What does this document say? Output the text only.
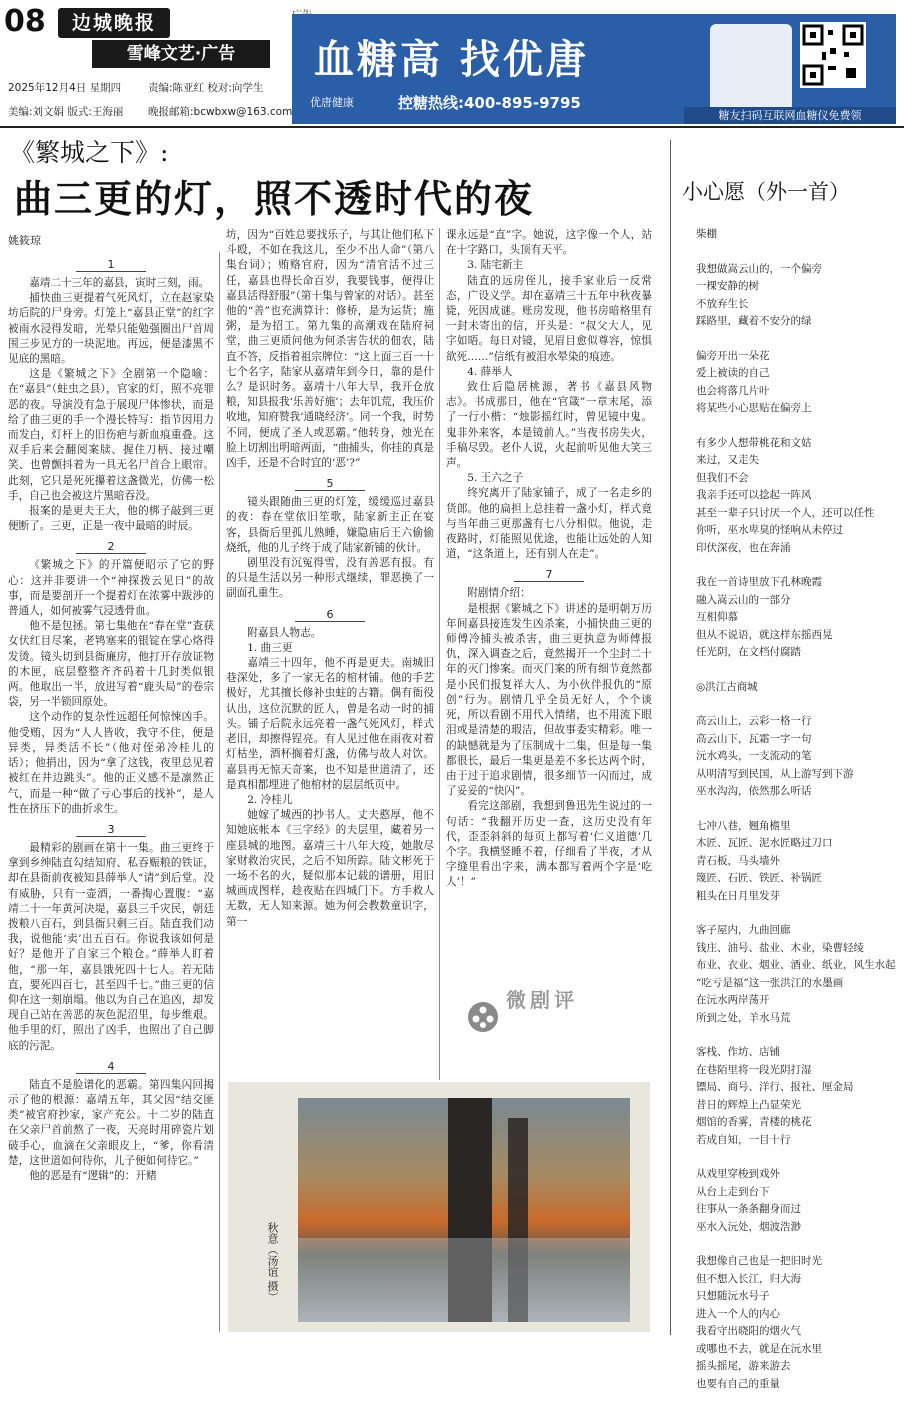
08	边城晚报
雪峰文艺·广告
2025年12月4日 星期四	责编:陈亚红 校对:向学生
美编:刘文娟 版式:王海丽 晚报邮箱:bcwbxw@163.com
血糖高 找优唐
优唐健康	控糖热线:400-895-9795
糖友扫码互联网血糖仪免费领
《繁城之下》:
曲三更的灯，照不透时代的夜
姚筱琼
1

嘉靖二十三年的嘉县，寅时三刻，雨。

捕快曲三更提着气死风灯，立在赵家染坊后院的尸身旁。灯笼上“嘉县正堂”的红字被雨水浸得发暗，光晕只能勉强圈出尸首周围三步见方的一块泥地。再远，便是漆黑不见底的黑暗。

这是《繁城之下》全剧第一个隐喻：在“嘉县”（蛀虫之县），官家的灯，照不亮罪恶的夜。导演没有急于展现尸体惨状，而是给了曲三更的手一个漫长特写：指节因用力而发白，灯杆上的旧伤疤与新血痕重叠。这双手后来会翻阅案牍、握住刀柄、接过嘲笑、也曾颤抖着为一具无名尸首合上眼帘。此刻，它只是死死攥着这盏微光，仿佛一松手，自己也会被这片黑暗吞没。

报案的是更夫王大，他的梆子敲到三更便断了。三更，正是一夜中最暗的时辰。

2

《繁城之下》的开篇便昭示了它的野心：这并非要讲一个“神探拨云见日”的故事，而是要剖开一个提着灯在浓雾中跋涉的普通人，如何被雾气浸透骨血。

他不是包拯。第七集他在“春在堂”查获女伏红目尽案，老鸨塞来的银锭在掌心烙得发烫。镜头切到县衙廉房，他打开存放证物的木匣，底层整整齐齐码着十几封类似银两。他取出一半，放进写着“鹿头局”的卷宗袋，另一半锁回原处。

这个动作的复杂性远超任何惊悚凶手。他受贿，因为“人人皆收，我守不住，便是异类，异类活不长”（他对侄弟冷桂儿的话）；他捐出，因为“拿了这钱，夜里总见着被红在井边跳头”。他的正义感不是凛然正气，而是一种“做了亏心事后的找补”，是人性在挤压下的曲折求生。

3

最精彩的剧画在第十一集。曲三更终于拿到乡绅陆直勾结知府、私吞赈粮的铁证，却在县衙前夜被知县薛举人“请”到后堂。没有威胁，只有一壶酒，一番掏心置腹：“嘉靖二十一年黄河决堤，嘉县三千灾民，朝廷拨粮八百石，到县衙只剩三百。陆直我们动我，说他能‘卖’出五百石。你说我该如何是好？是他开了自家三个粮仓。”薛举人盯着他，“那一年，嘉县饿死四十七人。若无陆直，要死四百七，甚至四千七。”曲三更的信仰在这一刻崩塌。他以为自己在追凶，却发现自己站在善恶的灰色泥沼里，每步维艰。他手里的灯，照出了凶手，也照出了自己脚底的污泥。

4

陆直不是脸谱化的恶霸。第四集闪回揭示了他的根源：嘉靖五年，其父因“结交匪类”被官府抄家，家产充公。十二岁的陆直在父亲尸首前熬了一夜，天亮时用碎瓷片划破手心，血滴在父亲眼皮上，“爹，你看清楚，这世道如何待你，儿子便如何待它。”

他的恶是有“逻辑”的：开赌

坊，因为“百姓总要找乐子，与其让他们私下斗殴，不如在我这儿，至少不出人命”（第八集台词）；贿赂官府，因为“清官活不过三任，嘉县也得长命百岁，我要钱事，便得让嘉县活得舒服”（第十集与曾家的对话）。甚至他的“善”也充满算计：修桥，是为运货；施粥，是为招工。第九集的高潮戏在陆府祠堂，曲三更质问他为何杀害告状的佃农，陆直不答，反指着祖宗牌位：“这上面三百一十七个名字，陆家从嘉靖年到今日，靠的是什么？是识时务。嘉靖十八年大旱，我开仓放粮，知县报我‘乐善好施’；去年饥荒，我压价收地，知府赞我‘通晓经济’。同一个我，时势不同，便成了圣人或恶霸。”他转身，烛光在脸上切割出明暗两面，“曲捕头，你挂的真是凶手，还是不合时宜的‘恶’?”

5

镜头跟随曲三更的灯笼，缓缓巡过嘉县的夜：春在堂依旧笙歌，陆家新主正在宴客，县衙后里孤儿熟睡，嫌隐庙后王六偷偷烧纸，他的儿子终于成了陆家新铺的伙计。

剧里没有沉冤得雪，没有善恶有报。有的只是生活以另一种形式继续，罪恶换了一副面孔重生。

6

附嘉县人物志。

1. 曲三更

嘉靖三十四年，他不再是更夫。南城旧巷深处，多了一家无名的棺材铺。他的手艺极好，尤其擅长修补虫蛀的古籍。偶有衙役认出，这位沉默的匠人，曾是名动一时的捕头。铺子后院永远亮着一盏气死风灯，样式老旧，却擦得锃亮。有人见过他在雨夜对着灯枯坐，酒杯搁着灯盏，仿佛与故人对饮。嘉县再无惊天奇案，也不知是世道清了，还是真相都埋进了他棺材的层层纸页中。

2. 冷桂儿

她嫁了城西的抄书人。丈夫憨厚，他不知她底帐本《三字经》的夫层里，藏着另一座县城的地图。嘉靖三十八年大疫，她散尽家财救治灾民，之后不知所踪。陆文彬死于一场不名的火，疑似那本记载的谱册，用旧城画成图样，趁夜贴在四城门下。方手救人无数，无人知来源。她为何会教数童识字，第一

课永远是“直”字。她说，这字像一个人，站在十字路口，头顶有天平。

3. 陆宅新主

陆直的远房侄儿，接手家业后一反常态，广设义学。却在嘉靖三十五年中秋夜暴毙，死因成谜。账房发现，他书房暗格里有一封未寄出的信，开头是：“叔父大人，见字如晤。每日对镜，见眉目愈似尊容，惊惧欲死……”信纸有被泪水晕染的痕迹。

4. 薛举人

致仕后隐居桃源，著书《嘉县风物志》。书成那日，他在“官箴”一章末尾，添了一行小楷：“烛影摇红时，曾见镜中鬼。鬼非外来客，本是镜前人。”当夜书房失火，手稿尽毁。老仆人说，火起前听见他大笑三声。

5. 王六之子

终究离开了陆家铺子，成了一名走乡的货郎。他的扁担上总挂着一盏小灯，样式竟与当年曲三更那盏有七八分相似。他说，走夜路时，灯能照见优途，也能让远处的人知道，“这条道上，还有别人在走”。

7

附剧情介绍：

是根据《繁城之下》讲述的是明朝万历年间嘉县接连发生凶杀案，小捕快曲三更的师傅冷捕头被杀害，曲三更执意为师傅报仇，深入调查之后，竟然揭开一个尘封二十年的灭门惨案。而灭门案的所有细节竟然都是小民们报复祥大人、为小伙伴报仇的“原创”行为。剧情几乎全员无好人，个个谈死，所以看剧不用代入情绪，也不用流下眼泪或是清楚的瑕洁，但故事委实精彩。唯一的缺憾就是为了压制成十二集，但是每一集都很长，最后一集更是差不多长达两个时，由于过于追求剧情，很多细节一闪而过，成了妥妥的“快闪”。

看完这部剧，我想到鲁迅先生说过的一句话：“我翻开历史一查，这历史没有年代，歪歪斜斜的每页上都写着‘仁义道德’几个字。我横竖睡不着，仔细看了半夜，才从字缝里看出字来，满本都写着两个字是‘吃人’！”

微剧评
秋意（汤谊 摄）
小心愿（外一首）
柴棚
我想做嵩云山的，一个偏旁
一棵安静的树
不放弃生长
踩路里，藏着不安分的绿
偏旁开出一朵花
爱上被读的自己
也会将落几片叶
将某些小心思贴在偏旁上
有多少人想带桃花和文姑
来过，又走失
但我们不会
我亲手还可以捻起一阵风
甚至一辈子只讨厌一个人，还可以任性
你听，巫水卑臭的怪响从未停过
印伏深夜，也在奔涌
我在一首诗里放下孔林晚霞
融入嵩云山的一部分
互相仰慕
但从不说语，就这样东摇西晃
任光阴，在文档付腐踏
◎洪江古商城
高云山上，云彩一格一行
高云山下，瓦霜一字一句
沅水鸡头，一支流动的笔
从明清写到民国，从上游写到下游
巫水沟沟，依然那么听话
七冲八巷，翘角檐里
木匠、瓦匠、泥水匠略过刀口
青石板，马头墙外
篾匠、石匠、铁匠、补锅匠
粗头在日月里发芽
客子屋内，九曲回廊
钱庄、油号、盐业、木业，染曹轻绫
布业、衣业、烟业、酒业、纸业，风生水起
“吃亏是福”这一张洪江的水墨画
在沅水两岸荡开
所到之处，羊水马荒
客栈、作坊、店铺
在巷陌里将一段光阴打湿
镖局、商号、洋行、报社、厘金局
昔日的辉煌上凸显荣光
烟馆的香雾，青楼的桃花
若成自知，一目十行
从戏里穿梭到戏外
从台上走到台下
往事从一条条翻身而过
巫水入沅处，烟波浩渺
我想像自己也是一把旧时光
但不想入长江，归大海
只想随沅水号子
进入一个人的内心
我看守出晓阳的烟火气
或哪也不去，就是在沅水里
摇头摇尾，游来游去
也要有自己的重量
